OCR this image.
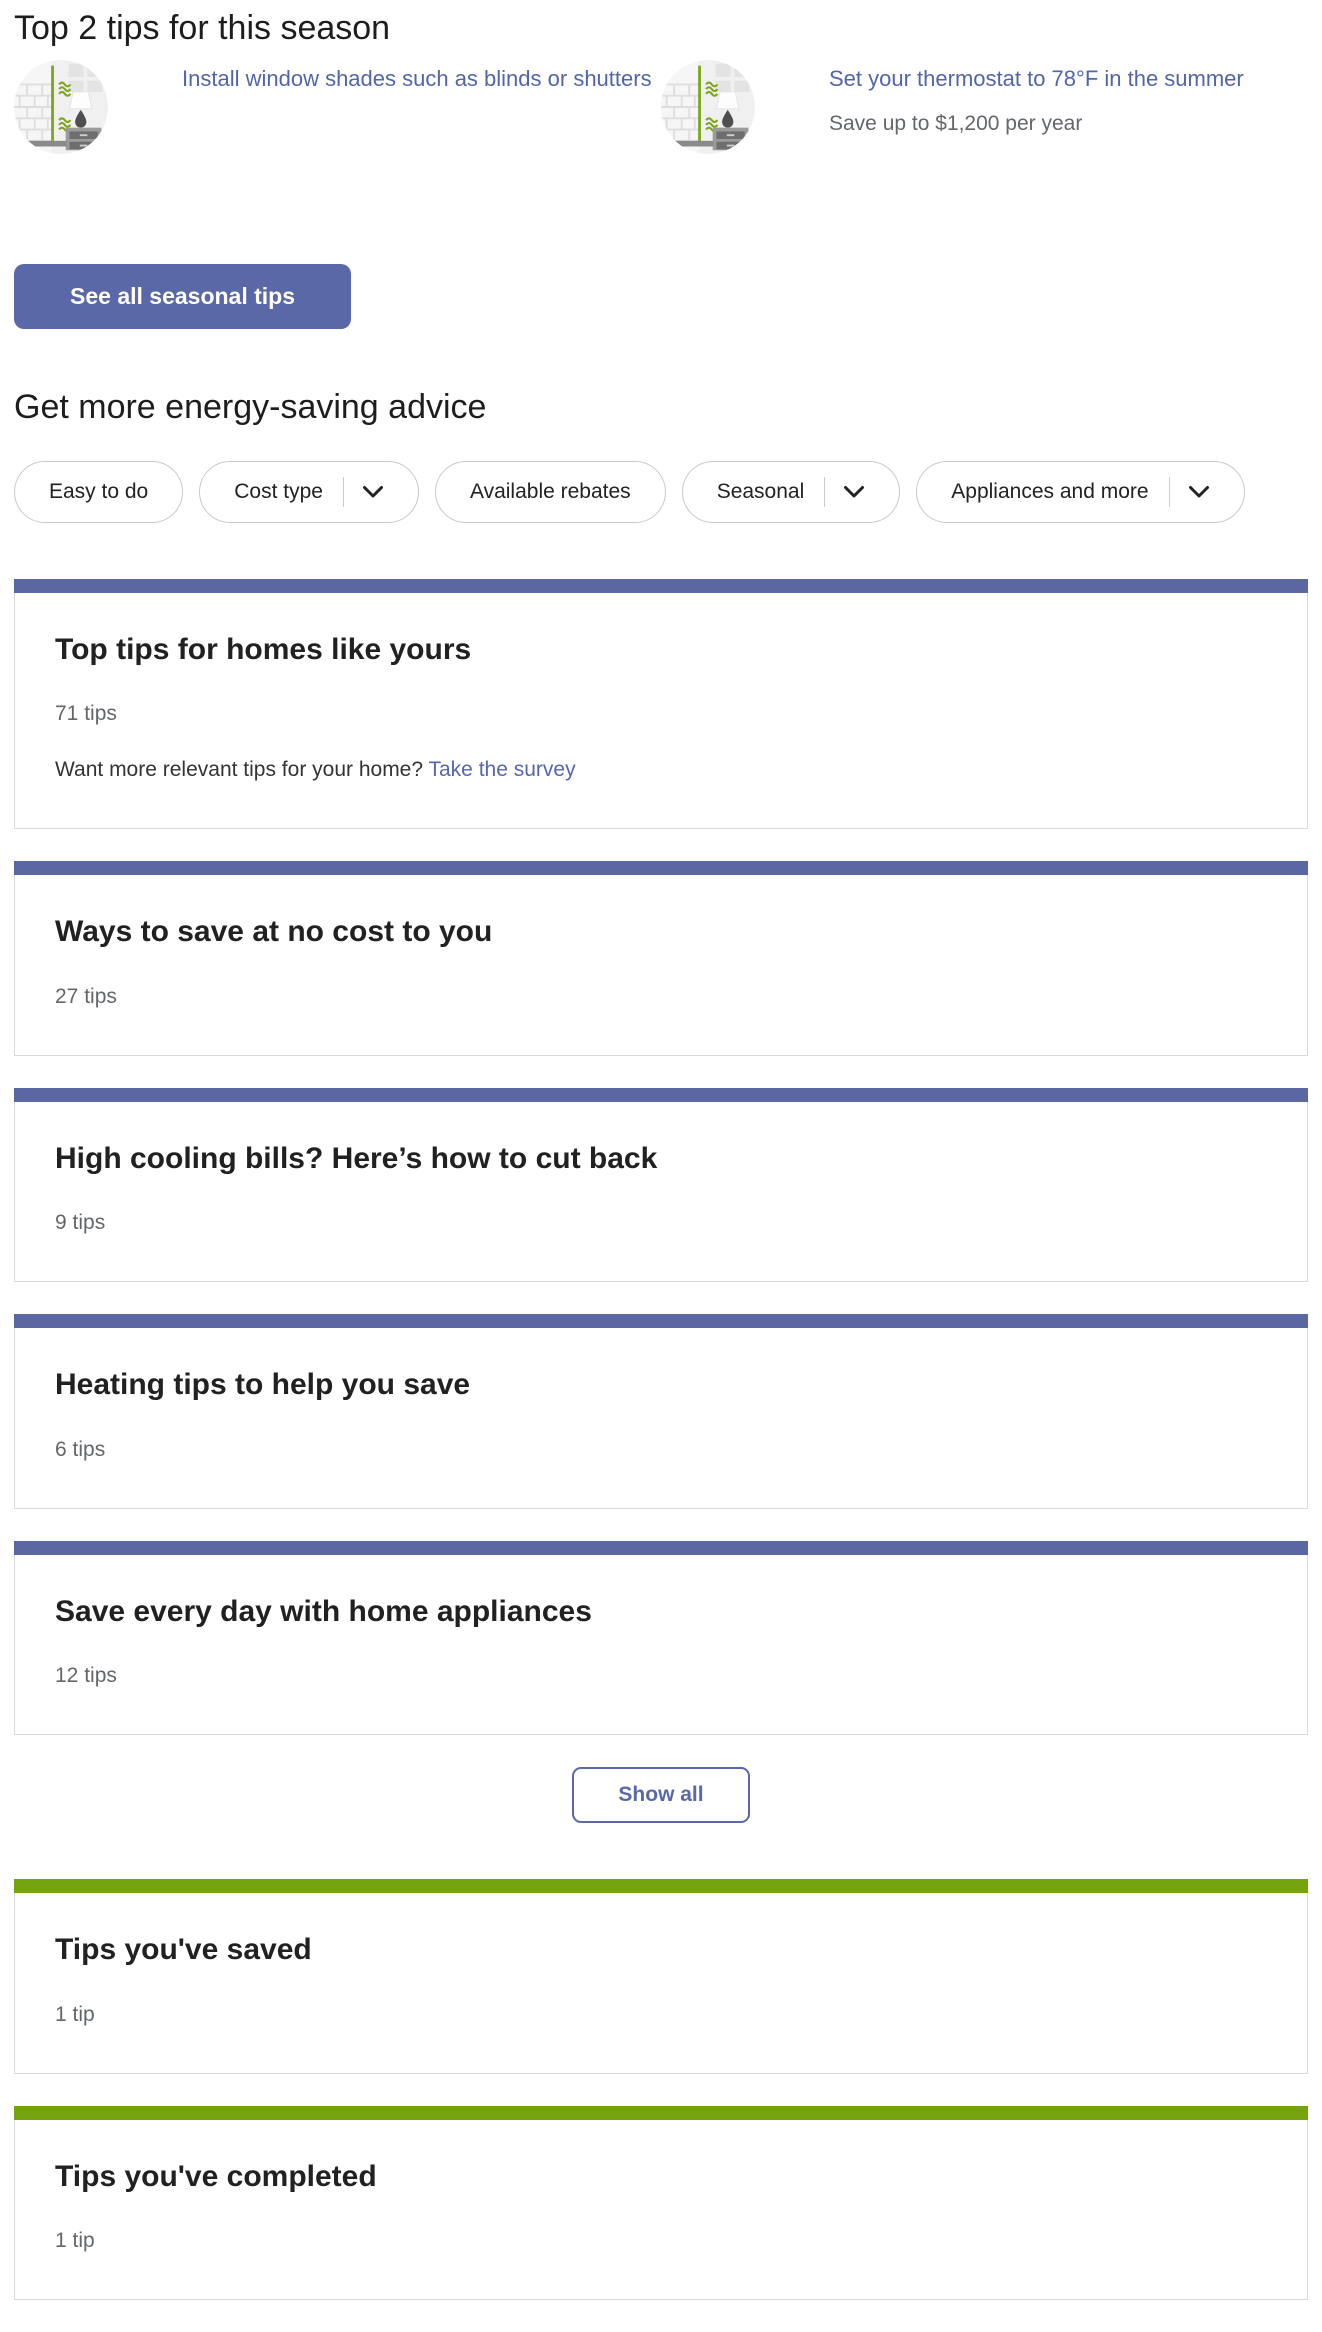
Top 2 tips for this season
Install window shades such as blinds or shutters	Set your thermostat to 78°F in the summer
Save up to $1,200 per year
See all seasonal tips
Get more energy-saving advice
Easy to do	Cost type	Available rebates	Seasonal	Appliances and more
Top tips for homes like yours
71 tips
Want more relevant tips for your home? Take the survey
Ways to save at no cost to you
27 tips
High cooling bills? Here’s how to cut back
9 tips
Heating tips to help you save
6 tips
Save every day with home appliances
12 tips
Show all
Tips you've saved
1 tip
Tips you've completed
1 tip
